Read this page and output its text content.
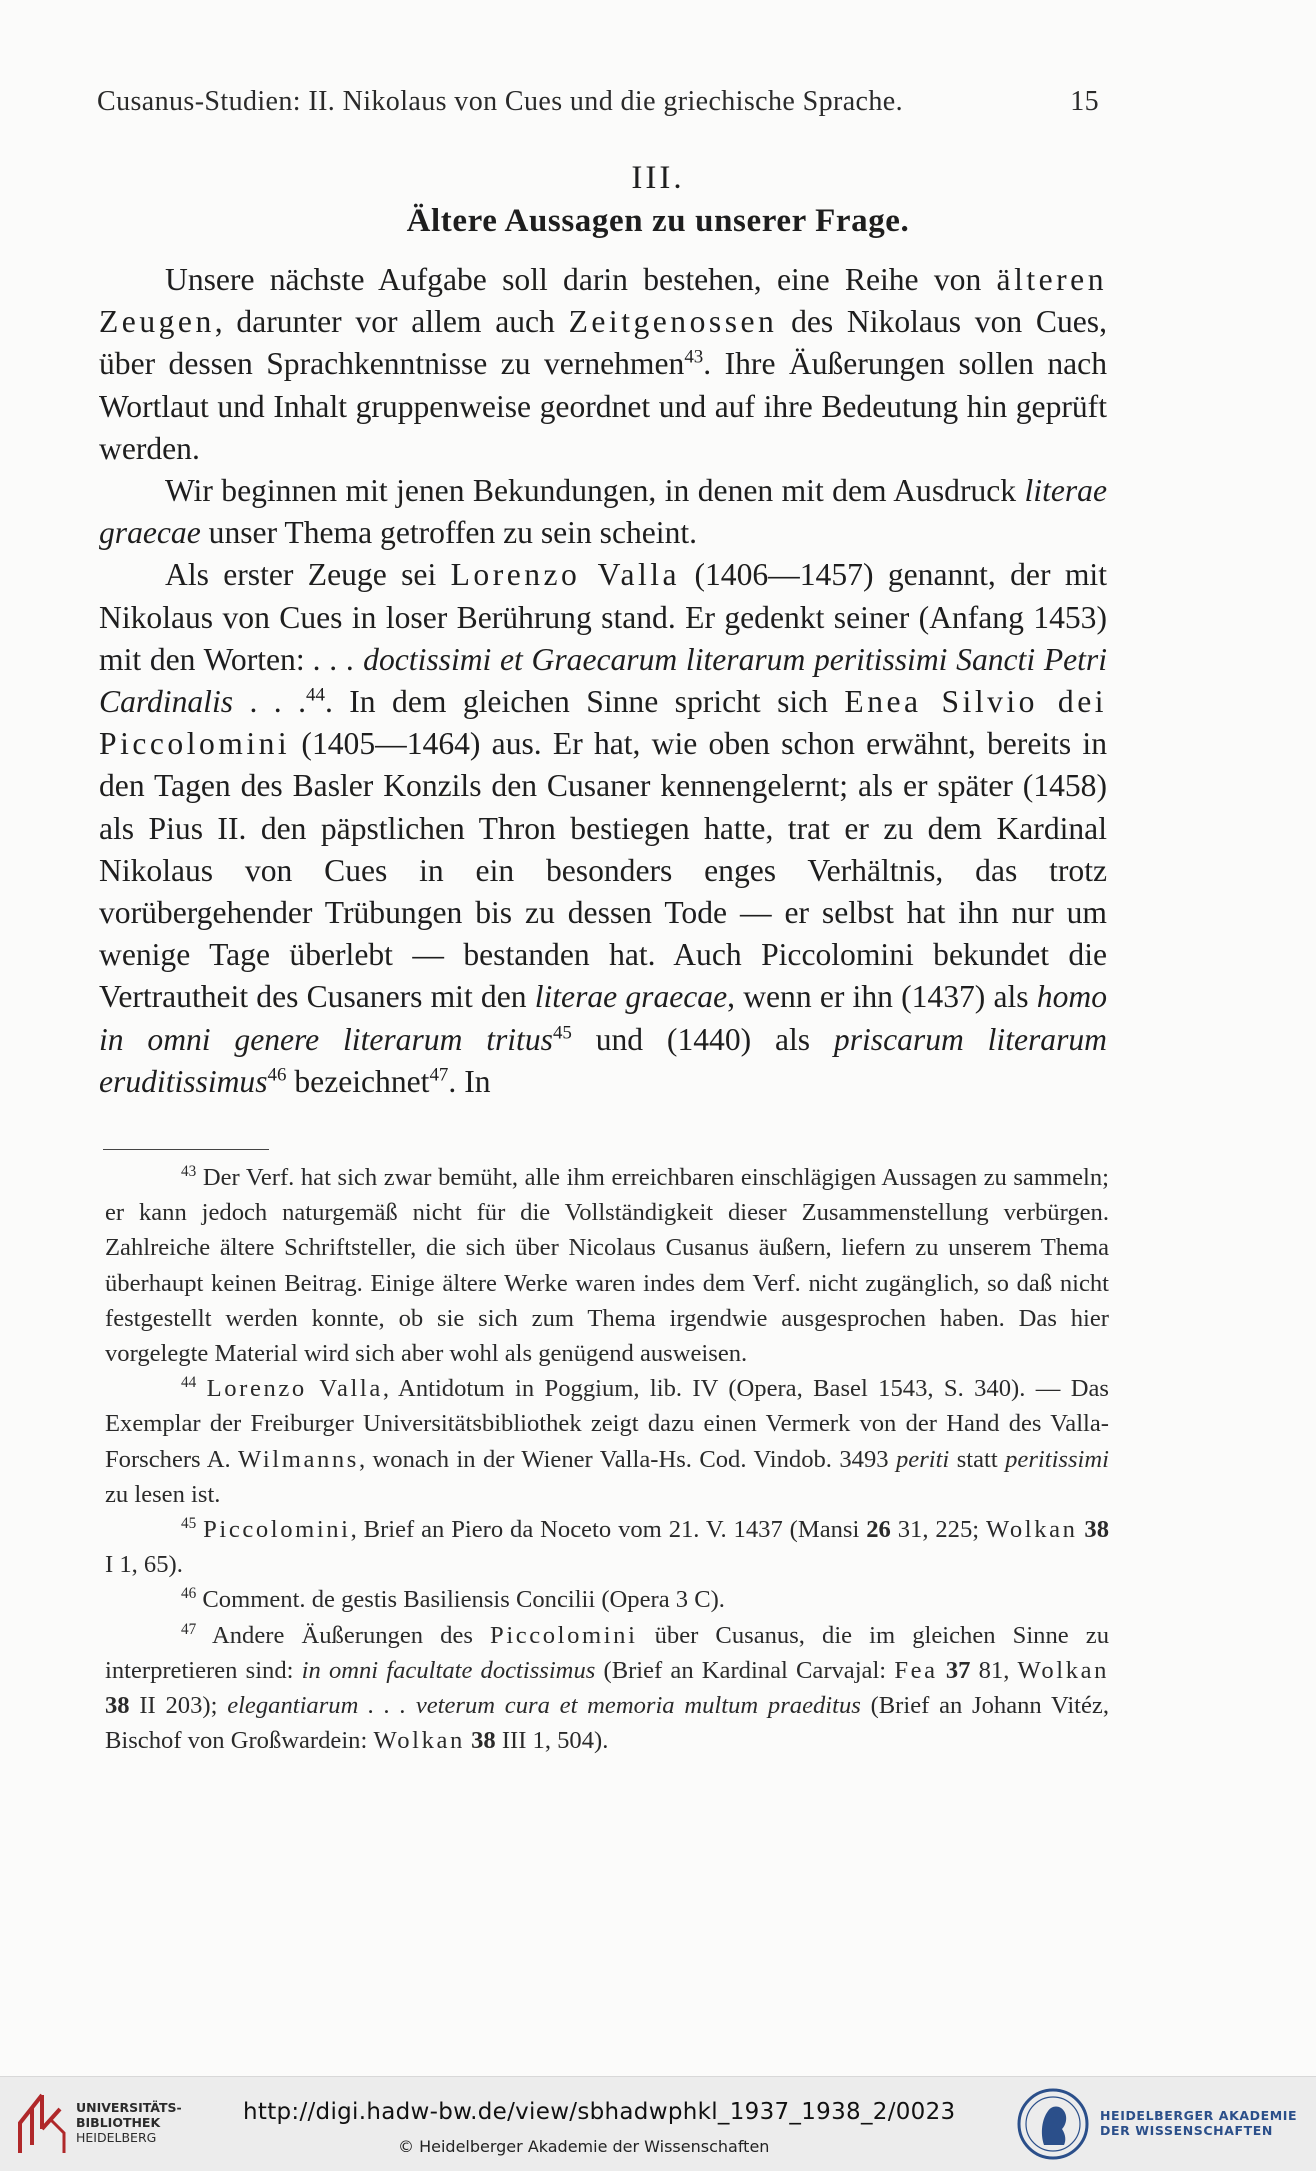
Cusanus-Studien: II. Nikolaus von Cues und die griechische Sprache.	15
III.
Ältere Aussagen zu unserer Frage.

Unsere nächste Aufgabe soll darin bestehen, eine Reihe von älteren Zeugen, darunter vor allem auch Zeitgenossen des Nikolaus von Cues, über dessen Sprachkenntnisse zu vernehmen$^{43}$. Ihre Äußerungen sollen nach Wortlaut und Inhalt gruppenweise geordnet und auf ihre Bedeutung hin geprüft werden.

Wir beginnen mit jenen Bekundungen, in denen mit dem Ausdruck literae graecae unser Thema getroffen zu sein scheint.

Als erster Zeuge sei Lorenzo Valla (1406—1457) genannt, der mit Nikolaus von Cues in loser Berührung stand. Er gedenkt seiner (Anfang 1453) mit den Worten: . . . doctissimi et Graecarum literarum peritissimi Sancti Petri Cardinalis . . .$^{44}$. In dem gleichen Sinne spricht sich Enea Silvio dei Piccolomini (1405—1464) aus. Er hat, wie oben schon erwähnt, bereits in den Tagen des Basler Konzils den Cusaner kennengelernt; als er später (1458) als Pius II. den päpstlichen Thron bestiegen hatte, trat er zu dem Kardinal Nikolaus von Cues in ein besonders enges Verhältnis, das trotz vorübergehender Trübungen bis zu dessen Tode — er selbst hat ihn nur um wenige Tage überlebt — bestanden hat. Auch Piccolomini bekundet die Vertrautheit des Cusaners mit den literae graecae, wenn er ihn (1437) als homo in omni genere literarum tritus$^{45}$ und (1440) als priscarum literarum eruditissimus$^{46}$ bezeichnet$^{47}$. In

$^{43}$ Der Verf. hat sich zwar bemüht, alle ihm erreichbaren einschlägigen Aussagen zu sammeln; er kann jedoch naturgemäß nicht für die Vollständigkeit dieser Zusammenstellung verbürgen. Zahlreiche ältere Schriftsteller, die sich über Nicolaus Cusanus äußern, liefern zu unserem Thema überhaupt keinen Beitrag. Einige ältere Werke waren indes dem Verf. nicht zugänglich, so daß nicht festgestellt werden konnte, ob sie sich zum Thema irgendwie ausgesprochen haben. Das hier vorgelegte Material wird sich aber wohl als genügend ausweisen.

$^{44}$ Lorenzo Valla, Antidotum in Poggium, lib. IV (Opera, Basel 1543, S. 340). — Das Exemplar der Freiburger Universitätsbibliothek zeigt dazu einen Vermerk von der Hand des Valla-Forschers A. Wilmanns, wonach in der Wiener Valla-Hs. Cod. Vindob. 3493 periti statt peritissimi zu lesen ist.

$^{45}$ Piccolomini, Brief an Piero da Noceto vom 21. V. 1437 (Mansi 26 31, 225; Wolkan 38 I 1, 65).

$^{46}$ Comment. de gestis Basiliensis Concilii (Opera 3 C).

$^{47}$ Andere Äußerungen des Piccolomini über Cusanus, die im gleichen Sinne zu interpretieren sind: in omni facultate doctissimus (Brief an Kardinal Carvajal: Fea 37 81, Wolkan 38 II 203); elegantiarum . . . veterum cura et memoria multum praeditus (Brief an Johann Vitéz, Bischof von Großwardein: Wolkan 38 III 1, 504).

UNIVERSITÄTS-
BIBLIOTHEK
HEIDELBERG
http://digi.hadw-bw.de/view/sbhadwphkl_1937_1938_2/0023
© Heidelberger Akademie der Wissenschaften
HEIDELBERGER AKADEMIE
DER WISSENSCHAFTEN
